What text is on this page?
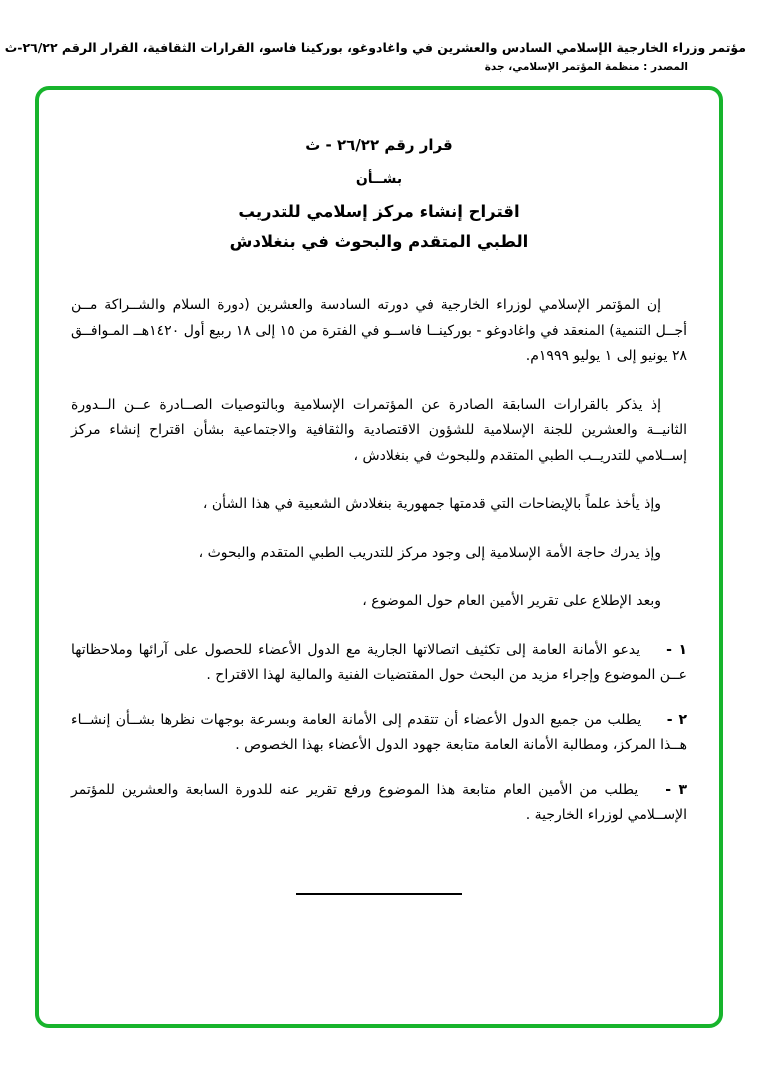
مؤتمر وزراء الخارجية الإسلامي السادس والعشرين في واغادوغو، بوركينا فاسو، القرارات الثقافية، القرار الرقم ٢٦/٢٢-ث
المصدر : منظمة المؤتمر الإسلامي، جدة
قرار رقم ٢٦/٢٢ - ث
بشــأن
اقتراح إنشاء مركز إسلامي للتدريب
الطبي المتقدم والبحوث في بنغلادش

إن المؤتمر الإسلامي لوزراء الخارجية في دورته السادسة والعشرين (دورة السلام والشــراكة مــن أجــل التنمية) المنعقد في واغادوغو - بوركينــا فاســو في الفترة من ١٥ إلى ١٨ ربيع أول ١٤٢٠هــ المـوافــق ٢٨ يونيو إلى ١ يوليو ١٩٩٩م.

إذ يذكر بالقرارات السابقة الصادرة عن المؤتمرات الإسلامية وبالتوصيات الصــادرة عــن الــدورة الثانيــة والعشرين للجنة الإسلامية للشؤون الاقتصادية والثقافية والاجتماعية بشأن اقتراح إنشاء مركز إســلامي للتدريــب الطبي المتقدم وللبحوث في بنغلادش ،

وإذ يأخذ علماً بالإيضاحات التي قدمتها جمهورية بنغلادش الشعبية في هذا الشأن ،

وإذ يدرك حاجة الأمة الإسلامية إلى وجود مركز للتدريب الطبي المتقدم والبحوث ،

وبعد الإطلاع على تقرير الأمين العام حول الموضوع ،

١ - يدعو الأمانة العامة إلى تكثيف اتصالاتها الجارية مع الدول الأعضاء للحصول على آرائها وملاحظاتها عــن الموضوع وإجراء مزيد من البحث حول المقتضيات الفنية والمالية لهذا الاقتراح .

٢ - يطلب من جميع الدول الأعضاء أن تتقدم إلى الأمانة العامة وبسرعة بوجهات نظرها بشــأن إنشــاء هــذا المركز، ومطالبة الأمانة العامة متابعة جهود الدول الأعضاء بهذا الخصوص .

٣ - يطلب من الأمين العام متابعة هذا الموضوع ورفع تقرير عنه للدورة السابعة والعشرين للمؤتمر الإســلامي لوزراء الخارجية .
